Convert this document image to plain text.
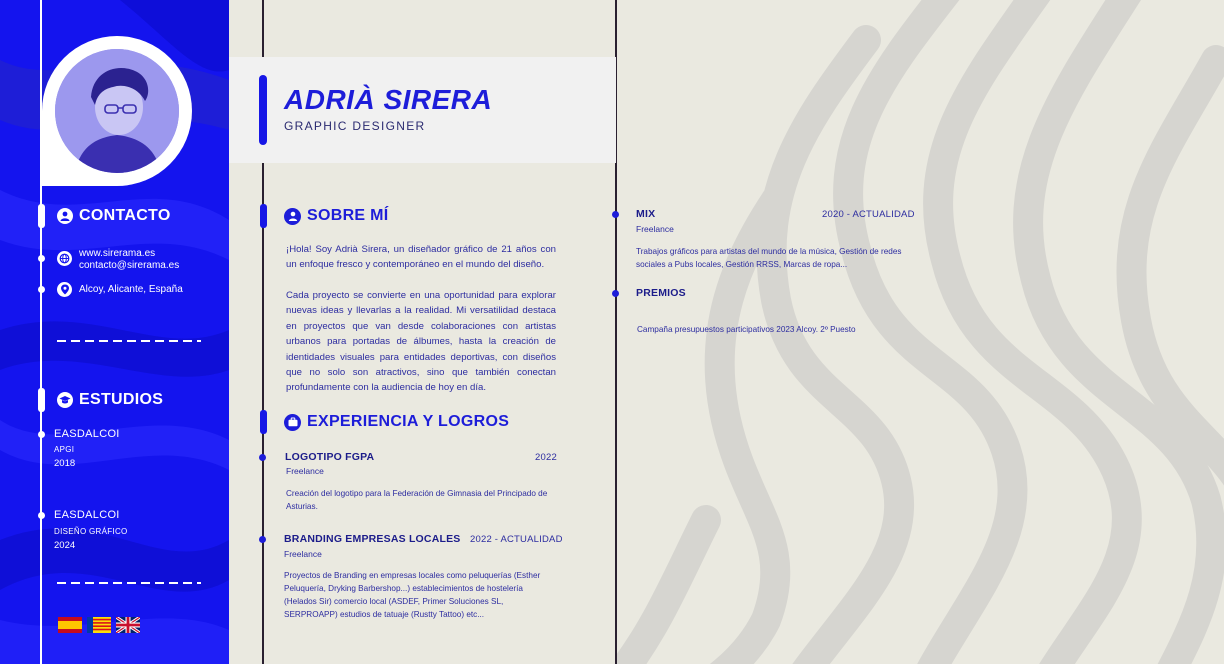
CONTACTO
www.sirerama.es
contacto@sirerama.es
Alcoy, Alicante, España
ESTUDIOS
EASDALCOI
APGI
2018
EASDALCOI
DISEÑO GRÁFICO
2024
ADRIÀ SIRERA
GRAPHIC DESIGNER
SOBRE MÍ
¡Hola! Soy Adrià Sirera, un diseñador gráfico de 21 años con un enfoque fresco y contemporáneo en el mundo del diseño.
Cada proyecto se convierte en una oportunidad para explorar nuevas ideas y llevarlas a la realidad. Mi versatilidad destaca en proyectos que van desde colaboraciones con artistas urbanos para portadas de álbumes, hasta la creación de identidades visuales para entidades deportivas, con diseños que no solo son atractivos, sino que también conectan profundamente con la audiencia de hoy en día.
EXPERIENCIA Y LOGROS
LOGOTIPO FGPA	2022
Freelance
Creación del logotipo para la Federación de Gimnasia del Principado de Asturias.
BRANDING EMPRESAS LOCALES 2022 - ACTUALIDAD
Freelance
Proyectos de Branding en empresas locales como peluquerías (Esther Peluquería, Dryking Barbershop...) establecimientos de hostelería (Helados Sir) comercio local (ASDEF, Primer Soluciones SL, SERPROAPP) estudios de tatuaje (Rustty Tattoo) etc...
MIX	2020 - ACTUALIDAD
Freelance
Trabajos gráficos para artistas del mundo de la música, Gestión de redes sociales a Pubs locales, Gestión RRSS, Marcas de ropa...
PREMIOS
Campaña presupuestos participativos 2023 Alcoy. 2º Puesto
